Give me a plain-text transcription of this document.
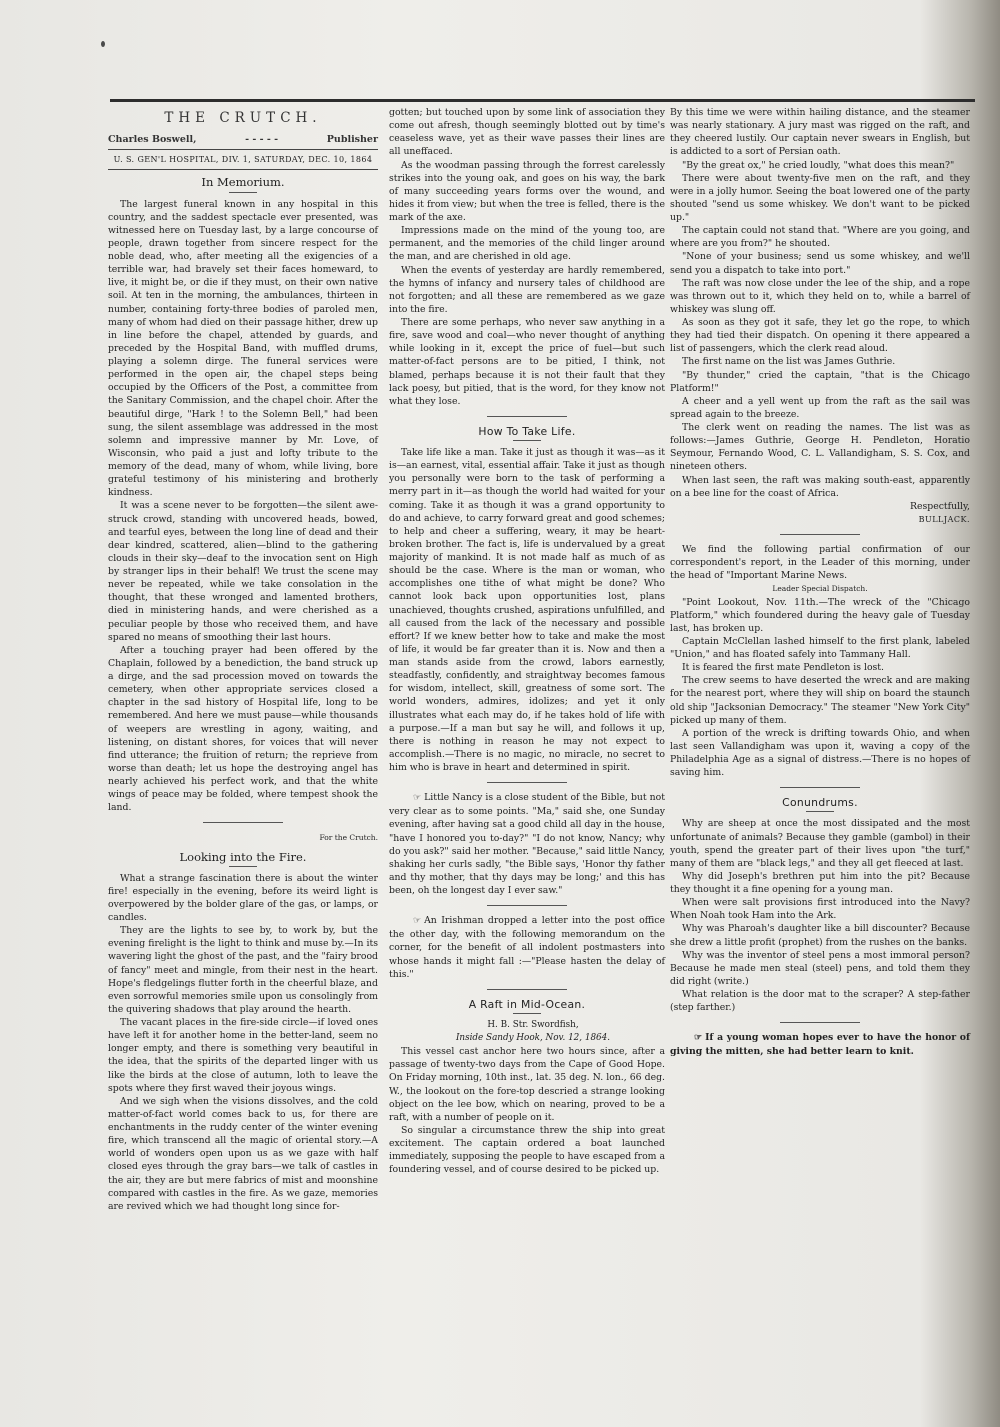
THE CRUTCH.
Charles Boswell,	- - - - -	Publisher
U. S. GEN'L HOSPITAL, DIV. 1, SATURDAY, DEC. 10, 1864
In Memorium.

The largest funeral known in any hospital in this country, and the saddest spectacle ever presented, was witnessed here on Tuesday last, by a large concourse of people, drawn together from sincere respect for the noble dead, who, after meeting all the exigencies of a terrible war, had bravely set their faces homeward, to live, it might be, or die if they must, on their own native soil. At ten in the morning, the ambulances, thirteen in number, containing forty-three bodies of paroled men, many of whom had died on their passage hither, drew up in line before the chapel, attended by guards, and preceded by the Hospital Band, with muffled drums, playing a solemn dirge. The funeral services were performed in the open air, the chapel steps being occupied by the Officers of the Post, a committee from the Sanitary Commission, and the chapel choir. After the beautiful dirge, "Hark ! to the Solemn Bell," had been sung, the silent assemblage was addressed in the most solemn and impressive manner by Mr. Love, of Wisconsin, who paid a just and lofty tribute to the memory of the dead, many of whom, while living, bore grateful testimony of his ministering and brotherly kindness.

It was a scene never to be forgotten—the silent awe-struck crowd, standing with uncovered heads, bowed, and tearful eyes, between the long line of dead and their dear kindred, scattered, alien—blind to the gathering clouds in their sky—deaf to the invocation sent on High by stranger lips in their behalf! We trust the scene may never be repeated, while we take consolation in the thought, that these wronged and lamented brothers, died in ministering hands, and were cherished as a peculiar people by those who received them, and have spared no means of smoothing their last hours.

After a touching prayer had been offered by the Chaplain, followed by a benediction, the band struck up a dirge, and the sad procession moved on towards the cemetery, when other appropriate services closed a chapter in the sad history of Hospital life, long to be remembered. And here we must pause—while thousands of weepers are wrestling in agony, waiting, and listening, on distant shores, for voices that will never find utterance; the fruition of return; the reprieve from worse than death; let us hope the destroying angel has nearly achieved his perfect work, and that the white wings of peace may be folded, where tempest shook the land.

For the Crutch.
Looking into the Fire.

What a strange fascination there is about the winter fire! especially in the evening, before its weird light is overpowered by the bolder glare of the gas, or lamps, or candles.

They are the lights to see by, to work by, but the evening firelight is the light to think and muse by.—In its wavering light the ghost of the past, and the "fairy brood of fancy" meet and mingle, from their nest in the heart. Hope's fledgelings flutter forth in the cheerful blaze, and even sorrowful memories smile upon us consolingly from the quivering shadows that play around the hearth.

The vacant places in the fire-side circle—if loved ones have left it for another home in the better-land, seem no longer empty, and there is something very beautiful in the idea, that the spirits of the departed linger with us like the birds at the close of autumn, loth to leave the spots where they first waved their joyous wings.

And we sigh when the visions dissolves, and the cold matter-of-fact world comes back to us, for there are enchantments in the ruddy center of the winter evening fire, which transcend all the magic of oriental story.—A world of wonders open upon us as we gaze with half closed eyes through the gray bars—we talk of castles in the air, they are but mere fabrics of mist and moonshine compared with castles in the fire. As we gaze, memories are revived which we had thought long since for-

gotten; but touched upon by some link of association they come out afresh, though seemingly blotted out by time's ceaseless wave, yet as their wave passes their lines are all uneffaced.

As the woodman passing through the forrest carelessly strikes into the young oak, and goes on his way, the bark of many succeeding years forms over the wound, and hides it from view; but when the tree is felled, there is the mark of the axe.

Impressions made on the mind of the young too, are permanent, and the memories of the child linger around the man, and are cherished in old age.

When the events of yesterday are hardly remembered, the hymns of infancy and nursery tales of childhood are not forgotten; and all these are remembered as we gaze into the fire.

There are some perhaps, who never saw anything in a fire, save wood and coal—who never thought of anything while looking in it, except the price of fuel—but such matter-of-fact persons are to be pitied, I think, not blamed, perhaps because it is not their fault that they lack poesy, but pitied, that is the word, for they know not what they lose.

How To Take Life.

Take life like a man. Take it just as though it was—as it is—an earnest, vital, essential affair. Take it just as though you personally were born to the task of performing a merry part in it—as though the world had waited for your coming. Take it as though it was a grand opportunity to do and achieve, to carry forward great and good schemes; to help and cheer a suffering, weary, it may be heart-broken brother. The fact is, life is undervalued by a great majority of mankind. It is not made half as much of as should be the case. Where is the man or woman, who accomplishes one tithe of what might be done? Who cannot look back upon opportunities lost, plans unachieved, thoughts crushed, aspirations unfulfilled, and all caused from the lack of the necessary and possible effort? If we knew better how to take and make the most of life, it would be far greater than it is. Now and then a man stands aside from the crowd, labors earnestly, steadfastly, confidently, and straightway becomes famous for wisdom, intellect, skill, greatness of some sort. The world wonders, admires, idolizes; and yet it only illustrates what each may do, if he takes hold of life with a purpose.—If a man but say he will, and follows it up, there is nothing in reason he may not expect to accomplish.—There is no magic, no miracle, no secret to him who is brave in heart and determined in spirit.

☞ Little Nancy is a close student of the Bible, but not very clear as to some points. "Ma," said she, one Sunday evening, after having sat a good child all day in the house, "have I honored you to-day?" "I do not know, Nancy; why do you ask?" said her mother. "Because," said little Nancy, shaking her curls sadly, "the Bible says, 'Honor thy father and thy mother, that thy days may be long;' and this has been, oh the longest day I ever saw."

☞ An Irishman dropped a letter into the post office the other day, with the following memorandum on the corner, for the benefit of all indolent postmasters into whose hands it might fall :—"Please hasten the delay of this."

A Raft in Mid-Ocean.

H. B. Str. Swordfish,

Inside Sandy Hook, Nov. 12, 1864.

This vessel cast anchor here two hours since, after a passage of twenty-two days from the Cape of Good Hope. On Friday morning, 10th inst., lat. 35 deg. N. lon., 66 deg. W., the lookout on the fore-top descried a strange looking object on the lee bow, which on nearing, proved to be a raft, with a number of people on it.

So singular a circumstance threw the ship into great excitement. The captain ordered a boat launched immediately, supposing the people to have escaped from a foundering vessel, and of course desired to be picked up.

By this time we were within hailing distance, and the steamer was nearly stationary. A jury mast was rigged on the raft, and they cheered lustily. Our captain never swears in English, but is addicted to a sort of Persian oath.

"By the great ox," he cried loudly, "what does this mean?"

There were about twenty-five men on the raft, and they were in a jolly humor. Seeing the boat lowered one of the party shouted "send us some whiskey. We don't want to be picked up."

The captain could not stand that. "Where are you going, and where are you from?" he shouted.

"None of your business; send us some whiskey, and we'll send you a dispatch to take into port."

The raft was now close under the lee of the ship, and a rope was thrown out to it, which they held on to, while a barrel of whiskey was slung off.

As soon as they got it safe, they let go the rope, to which they had tied their dispatch. On opening it there appeared a list of passengers, which the clerk read aloud.

The first name on the list was James Guthrie.

"By thunder," cried the captain, "that is the Chicago Platform!"

A cheer and a yell went up from the raft as the sail was spread again to the breeze.

The clerk went on reading the names. The list was as follows:—James Guthrie, George H. Pendleton, Horatio Seymour, Fernando Wood, C. L. Vallandigham, S. S. Cox, and nineteen others.

When last seen, the raft was making south-east, apparently on a bee line for the coast of Africa.

Respectfully,

BULLJACK.

We find the following partial confirmation of our correspondent's report, in the Leader of this morning, under the head of "Important Marine News.

Leader Special Dispatch.

"Point Lookout, Nov. 11th.—The wreck of the "Chicago Platform," which foundered during the heavy gale of Tuesday last, has broken up.

Captain McClellan lashed himself to the first plank, labeled "Union," and has floated safely into Tammany Hall.

It is feared the first mate Pendleton is lost.

The crew seems to have deserted the wreck and are making for the nearest port, where they will ship on board the staunch old ship "Jacksonian Democracy." The steamer "New York City" picked up many of them.

A portion of the wreck is drifting towards Ohio, and when last seen Vallandigham was upon it, waving a copy of the Philadelphia Age as a signal of distress.—There is no hopes of saving him.

Conundrums.

Why are sheep at once the most dissipated and the most unfortunate of animals? Because they gamble (gambol) in their youth, spend the greater part of their lives upon "the turf," many of them are "black legs," and they all get fleeced at last.

Why did Joseph's brethren put him into the pit? Because they thought it a fine opening for a young man.

When were salt provisions first introduced into the Navy? When Noah took Ham into the Ark.

Why was Pharoah's daughter like a bill discounter? Because she drew a little profit (prophet) from the rushes on the banks.

Why was the inventor of steel pens a most immoral person? Because he made men steal (steel) pens, and told them they did right (write.)

What relation is the door mat to the scraper? A step-father (step farther.)

☞ If a young woman hopes ever to have the honor of giving the mitten, she had better learn to knit.
